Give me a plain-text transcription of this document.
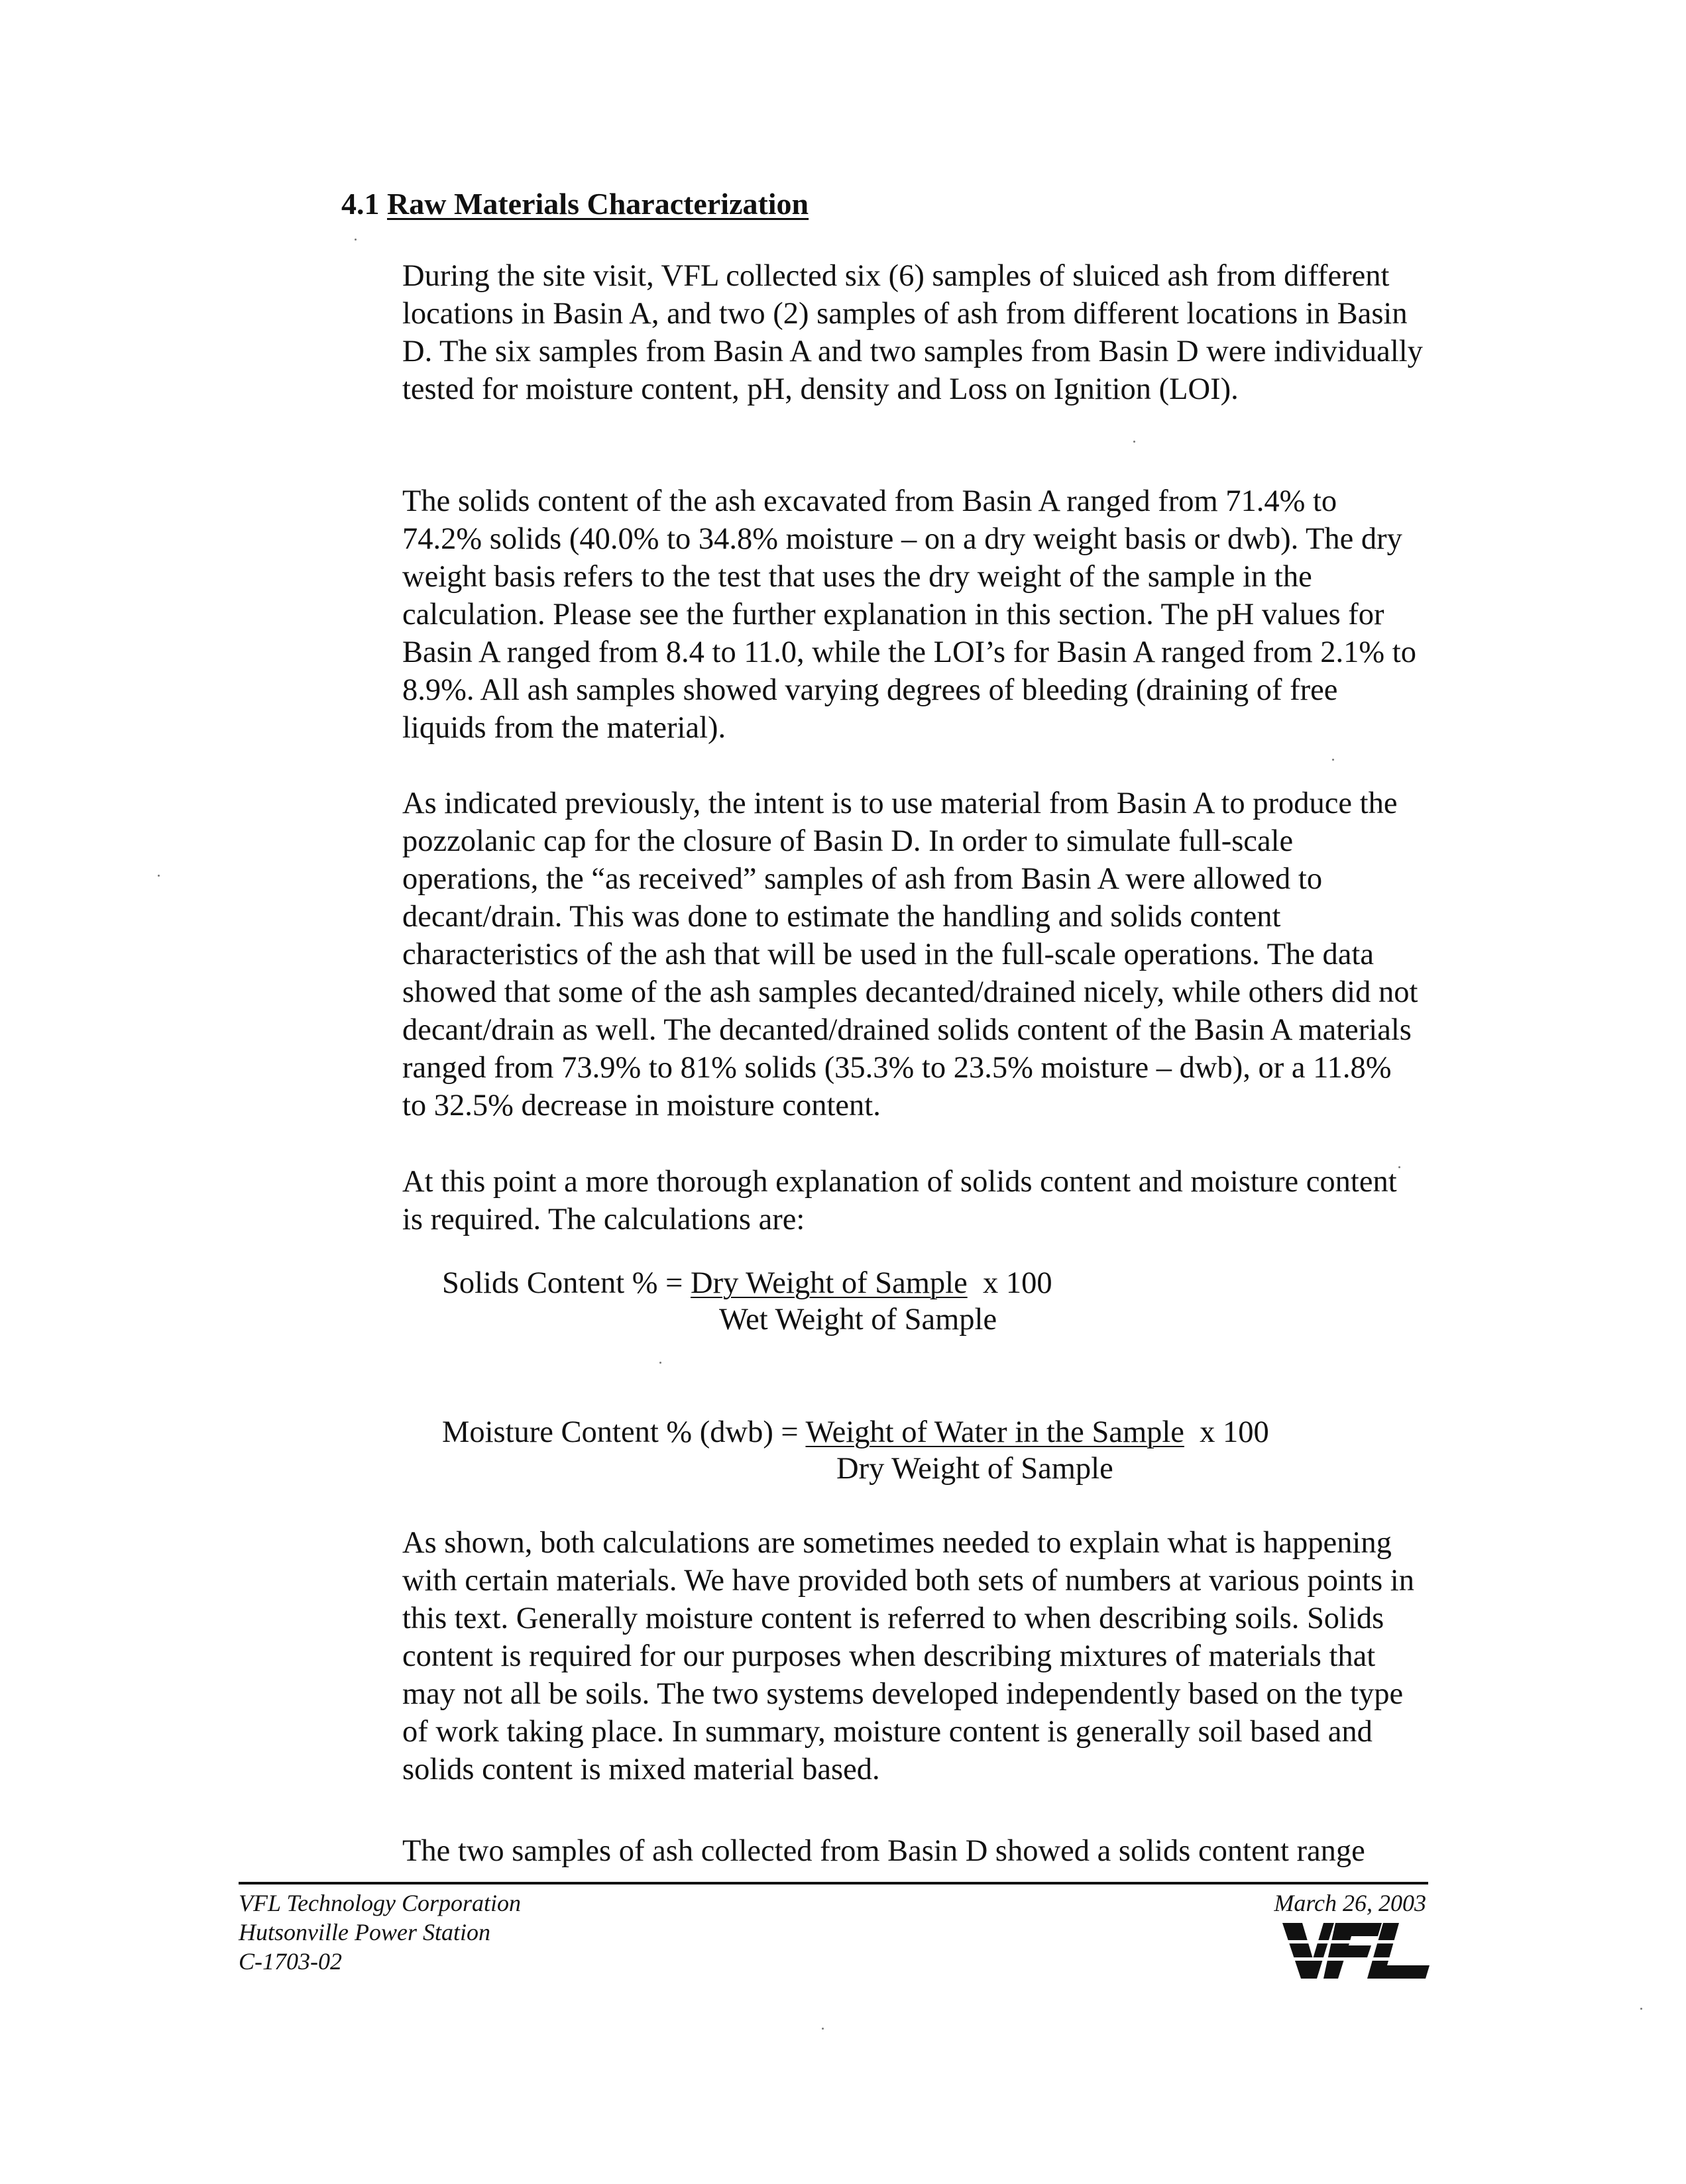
4.1 Raw Materials Characterization

During the site visit, VFL collected six (6) samples of sluiced ash from different locations in Basin A, and two (2) samples of ash from different locations in Basin D. The six samples from Basin A and two samples from Basin D were individually tested for moisture content, pH, density and Loss on Ignition (LOI).

The solids content of the ash excavated from Basin A ranged from 71.4% to 74.2% solids (40.0% to 34.8% moisture – on a dry weight basis or dwb). The dry weight basis refers to the test that uses the dry weight of the sample in the calculation. Please see the further explanation in this section. The pH values for Basin A ranged from 8.4 to 11.0, while the LOI’s for Basin A ranged from 2.1% to 8.9%. All ash samples showed varying degrees of bleeding (draining of free liquids from the material).

As indicated previously, the intent is to use material from Basin A to produce the pozzolanic cap for the closure of Basin D. In order to simulate full-scale operations, the “as received” samples of ash from Basin A were allowed to decant/drain. This was done to estimate the handling and solids content characteristics of the ash that will be used in the full-scale operations. The data showed that some of the ash samples decanted/drained nicely, while others did not decant/drain as well. The decanted/drained solids content of the Basin A materials ranged from 73.9% to 81% solids (35.3% to 23.5% moisture – dwb), or a 11.8% to 32.5% decrease in moisture content.

At this point a more thorough explanation of solids content and moisture content is required. The calculations are:

Solids Content % = Dry Weight of Sample x 100
Wet Weight of Sample
Moisture Content % (dwb) = Weight of Water in the Sample x 100
Dry Weight of Sample

As shown, both calculations are sometimes needed to explain what is happening with certain materials. We have provided both sets of numbers at various points in this text. Generally moisture content is referred to when describing soils. Solids content is required for our purposes when describing mixtures of materials that may not all be soils. The two systems developed independently based on the type of work taking place. In summary, moisture content is generally soil based and solids content is mixed material based.

The two samples of ash collected from Basin D showed a solids content range

VFL Technology Corporation
Hutsonville Power Station
C-1703-02
March 26, 2003
